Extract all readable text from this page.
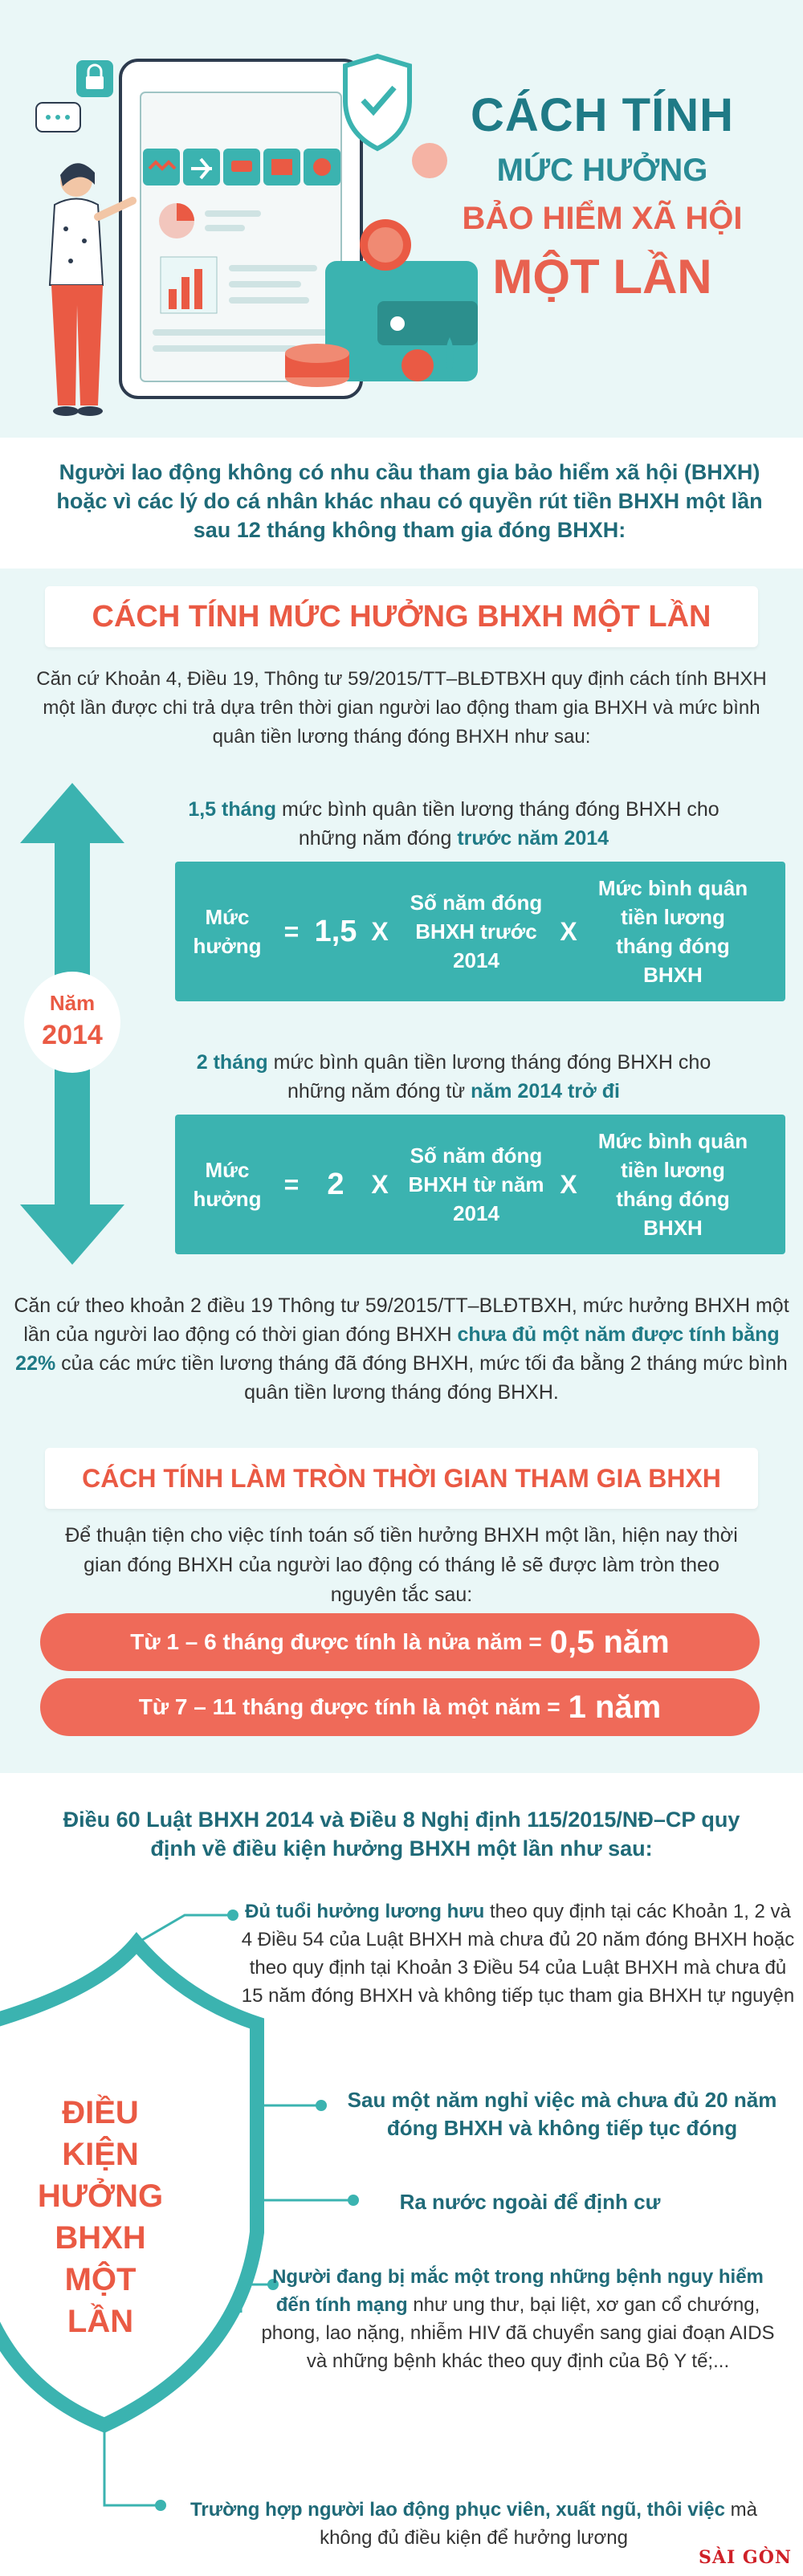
CÁCH TÍNH
MỨC HƯỞNG
BẢO HIỂM XÃ HỘI
MỘT LẦN
Người lao động không có nhu cầu tham gia bảo hiểm xã hội (BHXH) hoặc vì các lý do cá nhân khác nhau có quyền rút tiền BHXH một lần sau 12 tháng không tham gia đóng BHXH:
CÁCH TÍNH MỨC HƯỞNG BHXH MỘT LẦN
Căn cứ Khoản 4, Điều 19, Thông tư 59/2015/TT–BLĐTBXH quy định cách tính BHXH một lần được chi trả dựa trên thời gian người lao động tham gia BHXH và mức bình quân tiền lương tháng đóng BHXH như sau:
Năm
2014
1,5 tháng mức bình quân tiền lương tháng đóng BHXH cho những năm đóng trước năm 2014
Mức hưởng
= 1,5 X
Số năm đóng BHXH trước 2014
X
Mức bình quân tiền lương tháng đóng BHXH
2 tháng mức bình quân tiền lương tháng đóng BHXH cho những năm đóng từ năm 2014 trở đi
Mức hưởng
= 2	X
Số năm đóng BHXH từ năm 2014
X
Mức bình quân tiền lương tháng đóng BHXH
Căn cứ theo khoản 2 điều 19 Thông tư 59/2015/TT–BLĐTBXH, mức hưởng BHXH một lần của người lao động có thời gian đóng BHXH chưa đủ một năm được tính bằng 22% của các mức tiền lương tháng đã đóng BHXH, mức tối đa bằng 2 tháng mức bình quân tiền lương tháng đóng BHXH.
CÁCH TÍNH LÀM TRÒN THỜI GIAN THAM GIA BHXH
Để thuận tiện cho việc tính toán số tiền hưởng BHXH một lần, hiện nay thời gian đóng BHXH của người lao động có tháng lẻ sẽ được làm tròn theo nguyên tắc sau:
Từ 1 – 6 tháng được tính là nửa năm = 0,5 năm
Từ 7 – 11 tháng được tính là một năm = 1 năm
Điều 60 Luật BHXH 2014 và Điều 8 Nghị định 115/2015/NĐ–CP quy định về điều kiện hưởng BHXH một lần như sau:
ĐIỀU KIỆN HƯỞNG BHXH MỘT LẦN
Đủ tuổi hưởng lương hưu theo quy định tại các Khoản 1, 2 và 4 Điều 54 của Luật BHXH mà chưa đủ 20 năm đóng BHXH hoặc theo quy định tại Khoản 3 Điều 54 của Luật BHXH mà chưa đủ 15 năm đóng BHXH và không tiếp tục tham gia BHXH tự nguyện
Sau một năm nghỉ việc mà chưa đủ 20 năm đóng BHXH và không tiếp tục đóng
Ra nước ngoài để định cư
Người đang bị mắc một trong những bệnh nguy hiểm đến tính mạng như ung thư, bại liệt, xơ gan cổ chướng, phong, lao nặng, nhiễm HIV đã chuyển sang giai đoạn AIDS và những bệnh khác theo quy định của Bộ Y tế;...
Trường hợp người lao động phục viên, xuất ngũ, thôi việc mà không đủ điều kiện để hưởng lương
SÀI GÒN
